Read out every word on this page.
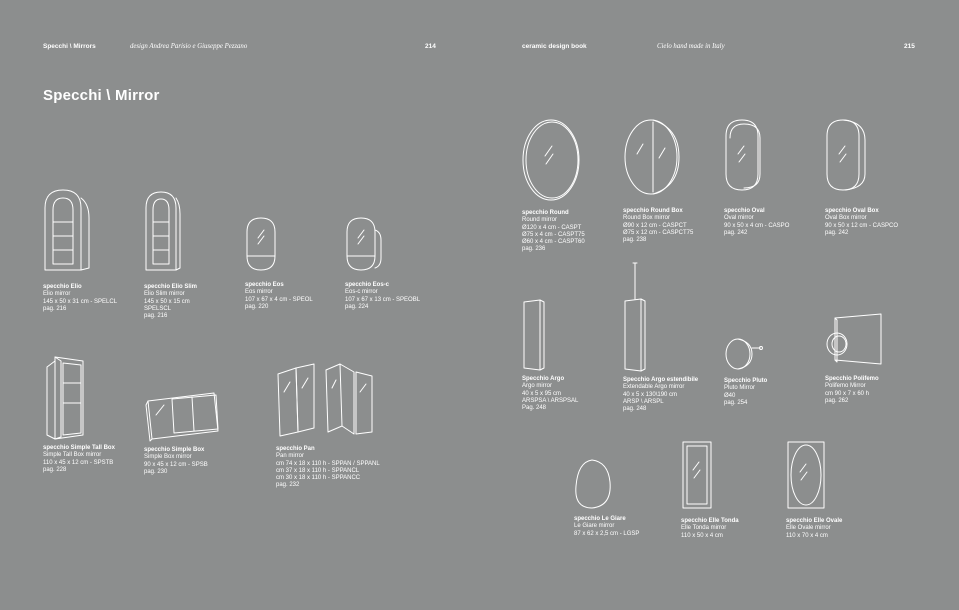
Specchi \ Mirrors	design Andrea Parisio e Giuseppe Pezzano	214	ceramic design book	Cielo hand made in Italy	215
Specchi \ Mirror
specchio Elio
Elio mirror
145 x 50 x 31 cm - SPELCL
pag. 216
specchio Elio Slim
Elio Slim mirror
145 x 50 x 15 cm
SPELSCL
pag. 216
specchio Eos
Eos mirror
107 x 67 x 4 cm - SPEOL
pag. 220
specchio Eos-c
Eos-c mirror
107 x 67 x 13 cm - SPEOBL
pag. 224
specchio Simple Tall Box
Simple Tall Box mirror
110 x 45 x 12 cm - SPSTB
pag. 228
specchio Simple Box
Simple Box mirror
90 x 45 x 12 cm - SPSB
pag. 230
specchio Pan
Pan mirror
cm 74 x 18 x 110 h - SPPAN / SPPANL
cm 37 x 18 x 110 h - SPPANCL
cm 30 x 18 x 110 h - SPPANCC
pag. 232
specchio Round
Round mirror
Ø120 x 4 cm - CASPT
Ø75 x 4 cm - CASPT75
Ø60 x 4 cm - CASPT60
pag. 236
specchio Round Box
Round Box mirror
Ø90 x 12 cm - CASPCT
Ø75 x 12 cm - CASPCT75
pag. 238
specchio Oval
Oval mirror
90 x 50 x 4 cm - CASPO
pag. 242
specchio Oval Box
Oval Box mirror
90 x 50 x 12 cm - CASPCO
pag. 242
Specchio Argo
Argo mirror
40 x 5 x 95 cm
ARSPSA \ ARSPSAL
Pag. 248
Specchio Argo estendibile
Extendable Argo mirror
40 x 5 x 130\190 cm
ARSP \ ARSPL
pag. 248
Specchio Pluto
Pluto Mirror
Ø40
pag. 254
Specchio Polifemo
Polifemo Mirror
cm 90 x 7 x 60 h
pag. 262
specchio Le Giare
Le Giare mirror
87 x 62 x 2,5 cm - LGSP
specchio Elle Tonda
Elle Tonda mirror
110 x 50 x 4 cm
specchio Elle Ovale
Elle Ovale mirror
110 x 70 x 4 cm
